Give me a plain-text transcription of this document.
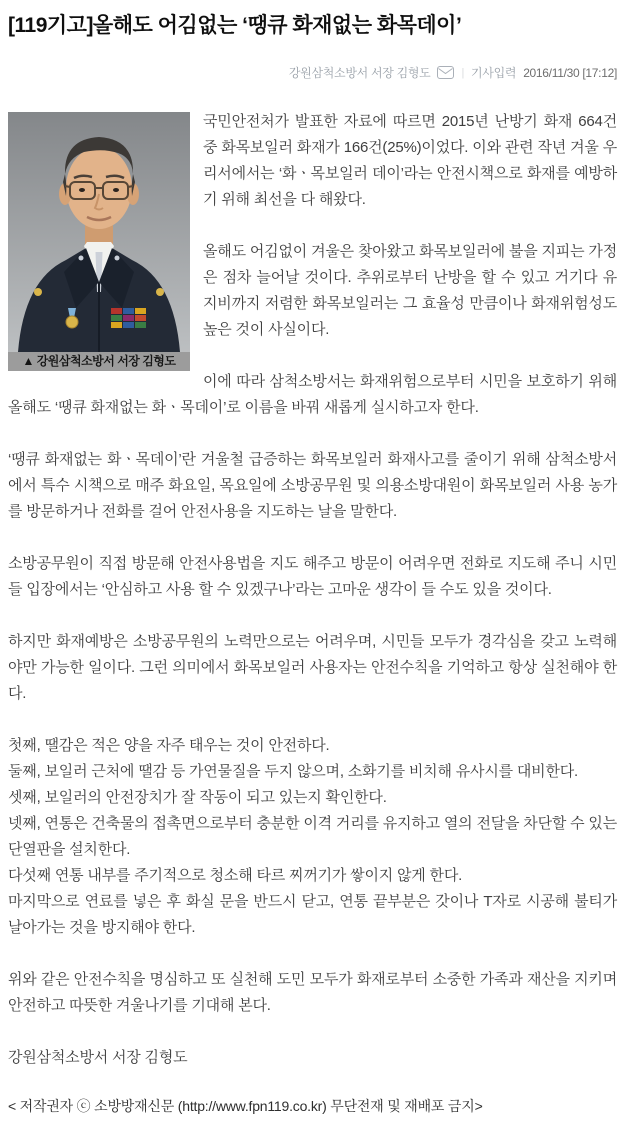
[119기고]올해도 어김없는 ‘땡큐 화재없는 화목데이’
강원삼척소방서 서장 김형도	| 기사입력 2016/11/30 [17:12]
▲ 강원삼척소방서 서장 김형도

국민안전처가 발표한 자료에 따르면 2015년 난방기 화재 664건 중 화목보일러 화재가 166건(25%)이었다. 이와 관련 작년 겨울 우리서에서는 ‘화ㆍ목보일러 데이’라는 안전시책으로 화재를 예방하기 위해 최선을 다 해왔다.

올해도 어김없이 겨울은 찾아왔고 화목보일러에 불을 지피는 가정은 점차 늘어날 것이다. 추위로부터 난방을 할 수 있고 거기다 유지비까지 저렴한 화목보일러는 그 효율성 만큼이나 화재위험성도 높은 것이 사실이다.

이에 따라 삼척소방서는 화재위험으로부터 시민을 보호하기 위해 올해도 ‘땡큐 화재없는 화ㆍ목데이’로 이름을 바꿔 새롭게 실시하고자 한다.

‘땡큐 화재없는 화ㆍ목데이’란 겨울철 급증하는 화목보일러 화재사고를 줄이기 위해 삼척소방서에서 특수 시책으로 매주 화요일, 목요일에 소방공무원 및 의용소방대원이 화목보일러 사용 농가를 방문하거나 전화를 걸어 안전사용을 지도하는 날을 말한다.

소방공무원이 직접 방문해 안전사용법을 지도 해주고 방문이 어려우면 전화로 지도해 주니 시민들 입장에서는 ‘안심하고 사용 할 수 있겠구나’라는 고마운 생각이 들 수도 있을 것이다.

하지만 화재예방은 소방공무원의 노력만으로는 어려우며, 시민들 모두가 경각심을 갖고 노력해야만 가능한 일이다. 그런 의미에서 화목보일러 사용자는 안전수칙을 기억하고 항상 실천해야 한다.

첫째, 땔감은 적은 양을 자주 태우는 것이 안전하다.
둘째, 보일러 근처에 땔감 등 가연물질을 두지 않으며, 소화기를 비치해 유사시를 대비한다.
셋째, 보일러의 안전장치가 잘 작동이 되고 있는지 확인한다.
넷째, 연통은 건축물의 접촉면으로부터 충분한 이격 거리를 유지하고 열의 전달을 차단할 수 있는 단열판을 설치한다.
다섯째 연통 내부를 주기적으로 청소해 타르 찌꺼기가 쌓이지 않게 한다.
마지막으로 연료를 넣은 후 화실 문을 반드시 닫고, 연통 끝부분은 갓이나 T자로 시공해 불티가 날아가는 것을 방지해야 한다.

위와 같은 안전수칙을 명심하고 또 실천해 도민 모두가 화재로부터 소중한 가족과 재산을 지키며 안전하고 따뜻한 겨울나기를 기대해 본다.

강원삼척소방서 서장 김형도

< 저작권자 ⓒ 소방방재신문 (http://www.fpn119.co.kr) 무단전재 및 재배포 금지>
